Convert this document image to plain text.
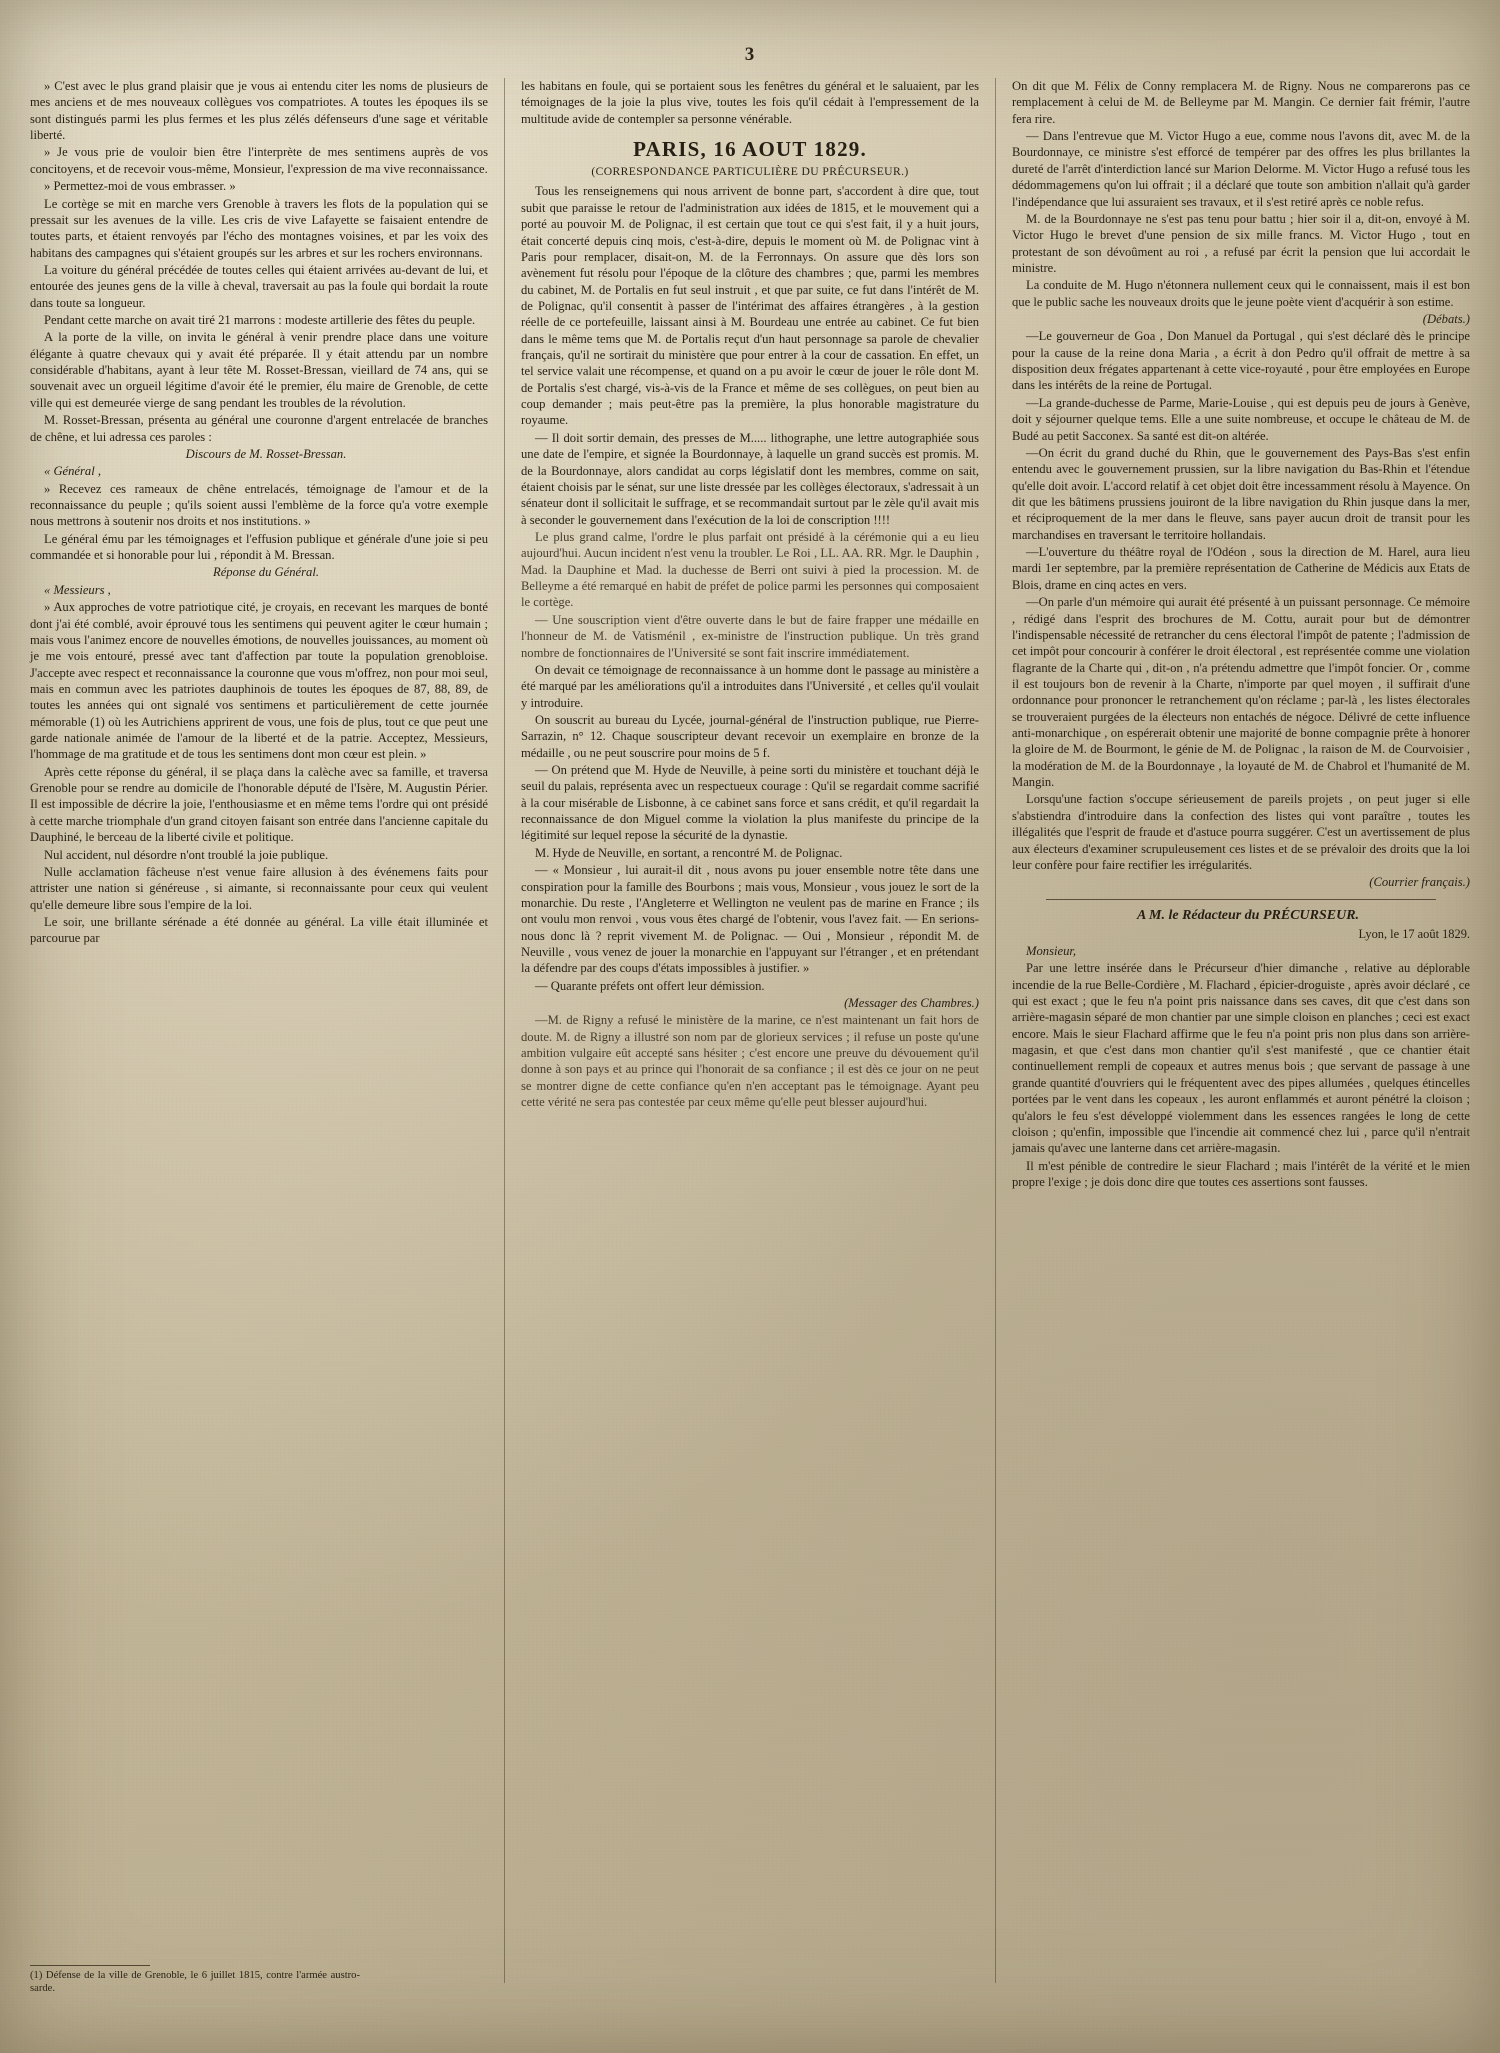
3

» C'est avec le plus grand plaisir que je vous ai entendu citer les noms de plusieurs de mes anciens et de mes nouveaux collègues vos compatriotes. A toutes les époques ils se sont distingués parmi les plus fermes et les plus zélés défenseurs d'une sage et véritable liberté.

» Je vous prie de vouloir bien être l'interprète de mes sentimens auprès de vos concitoyens, et de recevoir vous-même, Monsieur, l'expression de ma vive reconnaissance.

» Permettez-moi de vous embrasser. »

Le cortège se mit en marche vers Grenoble à travers les flots de la population qui se pressait sur les avenues de la ville. Les cris de vive Lafayette se faisaient entendre de toutes parts, et étaient renvoyés par l'écho des montagnes voisines, et par les voix des habitans des campagnes qui s'étaient groupés sur les arbres et sur les rochers environnans.

La voiture du général précédée de toutes celles qui étaient arrivées au-devant de lui, et entourée des jeunes gens de la ville à cheval, traversait au pas la foule qui bordait la route dans toute sa longueur.

Pendant cette marche on avait tiré 21 marrons : modeste artillerie des fêtes du peuple.

A la porte de la ville, on invita le général à venir prendre place dans une voiture élégante à quatre chevaux qui y avait été préparée. Il y était attendu par un nombre considérable d'habitans, ayant à leur tête M. Rosset-Bressan, vieillard de 74 ans, qui se souvenait avec un orgueil légitime d'avoir été le premier, élu maire de Grenoble, de cette ville qui est demeurée vierge de sang pendant les troubles de la révolution.

M. Rosset-Bressan, présenta au général une couronne d'argent entrelacée de branches de chêne, et lui adressa ces paroles :

Discours de M. Rosset-Bressan.

« Général ,

» Recevez ces rameaux de chêne entrelacés, témoignage de l'amour et de la reconnaissance du peuple ; qu'ils soient aussi l'emblème de la force qu'a votre exemple nous mettrons à soutenir nos droits et nos institutions. »

Le général ému par les témoignages et l'effusion publique et générale d'une joie si peu commandée et si honorable pour lui , répondit à M. Bressan.

Réponse du Général.

« Messieurs ,

» Aux approches de votre patriotique cité, je croyais, en recevant les marques de bonté dont j'ai été comblé, avoir éprouvé tous les sentimens qui peuvent agiter le cœur humain ; mais vous l'animez encore de nouvelles émotions, de nouvelles jouissances, au moment où je me vois entouré, pressé avec tant d'affection par toute la population grenobloise. J'accepte avec respect et reconnaissance la couronne que vous m'offrez, non pour moi seul, mais en commun avec les patriotes dauphinois de toutes les époques de 87, 88, 89, de toutes les années qui ont signalé vos sentimens et particulièrement de cette journée mémorable (1) où les Autrichiens apprirent de vous, une fois de plus, tout ce que peut une garde nationale animée de l'amour de la liberté et de la patrie. Acceptez, Messieurs, l'hommage de ma gratitude et de tous les sentimens dont mon cœur est plein. »

Après cette réponse du général, il se plaça dans la calèche avec sa famille, et traversa Grenoble pour se rendre au domicile de l'honorable député de l'Isère, M. Augustin Périer. Il est impossible de décrire la joie, l'enthousiasme et en même tems l'ordre qui ont présidé à cette marche triomphale d'un grand citoyen faisant son entrée dans l'ancienne capitale du Dauphiné, le berceau de la liberté civile et politique.

Nul accident, nul désordre n'ont troublé la joie publique.

Nulle acclamation fâcheuse n'est venue faire allusion à des événemens faits pour attrister une nation si généreuse , si aimante, si reconnaissante pour ceux qui veulent qu'elle demeure libre sous l'empire de la loi.

Le soir, une brillante sérénade a été donnée au général. La ville était illuminée et parcourue par

les habitans en foule, qui se portaient sous les fenêtres du général et le saluaient, par les témoignages de la joie la plus vive, toutes les fois qu'il cédait à l'empressement de la multitude avide de contempler sa personne vénérable.

PARIS, 16 AOUT 1829.
(CORRESPONDANCE PARTICULIÈRE DU PRÉCURSEUR.)

Tous les renseignemens qui nous arrivent de bonne part, s'accordent à dire que, tout subit que paraisse le retour de l'administration aux idées de 1815, et le mouvement qui a porté au pouvoir M. de Polignac, il est certain que tout ce qui s'est fait, il y a huit jours, était concerté depuis cinq mois, c'est-à-dire, depuis le moment où M. de Polignac vint à Paris pour remplacer, disait-on, M. de la Ferronnays. On assure que dès lors son avènement fut résolu pour l'époque de la clôture des chambres ; que, parmi les membres du cabinet, M. de Portalis en fut seul instruit , et que par suite, ce fut dans l'intérêt de M. de Polignac, qu'il consentit à passer de l'intérimat des affaires étrangères , à la gestion réelle de ce portefeuille, laissant ainsi à M. Bourdeau une entrée au cabinet. Ce fut bien dans le même tems que M. de Portalis reçut d'un haut personnage sa parole de chevalier français, qu'il ne sortirait du ministère que pour entrer à la cour de cassation. En effet, un tel service valait une récompense, et quand on a pu avoir le cœur de jouer le rôle dont M. de Portalis s'est chargé, vis-à-vis de la France et même de ses collègues, on peut bien au coup demander ; mais peut-être pas la première, la plus honorable magistrature du royaume.

— Il doit sortir demain, des presses de M..... lithographe, une lettre autographiée sous une date de l'empire, et signée la Bourdonnaye, à laquelle un grand succès est promis. M. de la Bourdonnaye, alors candidat au corps législatif dont les membres, comme on sait, étaient choisis par le sénat, sur une liste dressée par les collèges électoraux, s'adressait à un sénateur dont il sollicitait le suffrage, et se recommandait surtout par le zèle qu'il avait mis à seconder le gouvernement dans l'exécution de la loi de conscription !!!!

Le plus grand calme, l'ordre le plus parfait ont présidé à la cérémonie qui a eu lieu aujourd'hui. Aucun incident n'est venu la troubler. Le Roi , LL. AA. RR. Mgr. le Dauphin , Mad. la Dauphine et Mad. la duchesse de Berri ont suivi à pied la procession. M. de Belleyme a été remarqué en habit de préfet de police parmi les personnes qui composaient le cortège.

— Une souscription vient d'être ouverte dans le but de faire frapper une médaille en l'honneur de M. de Vatisménil , ex-ministre de l'instruction publique. Un très grand nombre de fonctionnaires de l'Université se sont fait inscrire immédiatement.

On devait ce témoignage de reconnaissance à un homme dont le passage au ministère a été marqué par les améliorations qu'il a introduites dans l'Université , et celles qu'il voulait y introduire.

On souscrit au bureau du Lycée, journal-général de l'instruction publique, rue Pierre-Sarrazin, n° 12. Chaque souscripteur devant recevoir un exemplaire en bronze de la médaille , ou ne peut souscrire pour moins de 5 f.

— On prétend que M. Hyde de Neuville, à peine sorti du ministère et touchant déjà le seuil du palais, représenta avec un respectueux courage : Qu'il se regardait comme sacrifié à la cour misérable de Lisbonne, à ce cabinet sans force et sans crédit, et qu'il regardait la reconnaissance de don Miguel comme la violation la plus manifeste du principe de la légitimité sur lequel repose la sécurité de la dynastie.

M. Hyde de Neuville, en sortant, a rencontré M. de Polignac.

— « Monsieur , lui aurait-il dit , nous avons pu jouer ensemble notre tête dans une conspiration pour la famille des Bourbons ; mais vous, Monsieur , vous jouez le sort de la monarchie. Du reste , l'Angleterre et Wellington ne veulent pas de marine en France ; ils ont voulu mon renvoi , vous vous êtes chargé de l'obtenir, vous l'avez fait. — En serions-nous donc là ? reprit vivement M. de Polignac. — Oui , Monsieur , répondit M. de Neuville , vous venez de jouer la monarchie en l'appuyant sur l'étranger , et en prétendant la défendre par des coups d'états impossibles à justifier. »

— Quarante préfets ont offert leur démission.

(Messager des Chambres.)

—M. de Rigny a refusé le ministère de la marine, ce n'est maintenant un fait hors de doute. M. de Rigny a illustré son nom par de glorieux services ; il refuse un poste qu'une ambition vulgaire eût accepté sans hésiter ; c'est encore une preuve du dévouement qu'il donne à son pays et au prince qui l'honorait de sa confiance ; il est dès ce jour on ne peut se montrer digne de cette confiance qu'en n'en acceptant pas le témoignage. Ayant peu cette vérité ne sera pas contestée par ceux même qu'elle peut blesser aujourd'hui.

On dit que M. Félix de Conny remplacera M. de Rigny. Nous ne comparerons pas ce remplacement à celui de M. de Belleyme par M. Mangin. Ce dernier fait frémir, l'autre fera rire.

— Dans l'entrevue que M. Victor Hugo a eue, comme nous l'avons dit, avec M. de la Bourdonnaye, ce ministre s'est efforcé de tempérer par des offres les plus brillantes la dureté de l'arrêt d'interdiction lancé sur Marion Delorme. M. Victor Hugo a refusé tous les dédommagemens qu'on lui offrait ; il a déclaré que toute son ambition n'allait qu'à garder l'indépendance que lui assuraient ses travaux, et il s'est retiré après ce noble refus.

M. de la Bourdonnaye ne s'est pas tenu pour battu ; hier soir il a, dit-on, envoyé à M. Victor Hugo le brevet d'une pension de six mille francs. M. Victor Hugo , tout en protestant de son dévoûment au roi , a refusé par écrit la pension que lui accordait le ministre.

La conduite de M. Hugo n'étonnera nullement ceux qui le connaissent, mais il est bon que le public sache les nouveaux droits que le jeune poète vient d'acquérir à son estime.

(Débats.)

—Le gouverneur de Goa , Don Manuel da Portugal , qui s'est déclaré dès le principe pour la cause de la reine dona Maria , a écrit à don Pedro qu'il offrait de mettre à sa disposition deux frégates appartenant à cette vice-royauté , pour être employées en Europe dans les intérêts de la reine de Portugal.

—La grande-duchesse de Parme, Marie-Louise , qui est depuis peu de jours à Genève, doit y séjourner quelque tems. Elle a une suite nombreuse, et occupe le château de M. de Budé au petit Sacconex. Sa santé est dit-on altérée.

—On écrit du grand duché du Rhin, que le gouvernement des Pays-Bas s'est enfin entendu avec le gouvernement prussien, sur la libre navigation du Bas-Rhin et l'étendue qu'elle doit avoir. L'accord relatif à cet objet doit être incessamment résolu à Mayence. On dit que les bâtimens prussiens jouiront de la libre navigation du Rhin jusque dans la mer, et réciproquement de la mer dans le fleuve, sans payer aucun droit de transit pour les marchandises en traversant le territoire hollandais.

—L'ouverture du théâtre royal de l'Odéon , sous la direction de M. Harel, aura lieu mardi 1er septembre, par la première représentation de Catherine de Médicis aux Etats de Blois, drame en cinq actes en vers.

—On parle d'un mémoire qui aurait été présenté à un puissant personnage. Ce mémoire , rédigé dans l'esprit des brochures de M. Cottu, aurait pour but de démontrer l'indispensable nécessité de retrancher du cens électoral l'impôt de patente ; l'admission de cet impôt pour concourir à conférer le droit électoral , est représentée comme une violation flagrante de la Charte qui , dit-on , n'a prétendu admettre que l'impôt foncier. Or , comme il est toujours bon de revenir à la Charte, n'importe par quel moyen , il suffirait d'une ordonnance pour prononcer le retranchement qu'on réclame ; par-là , les listes électorales se trouveraient purgées de la électeurs non entachés de négoce. Délivré de cette influence anti-monarchique , on espérerait obtenir une majorité de bonne compagnie prête à honorer la gloire de M. de Bourmont, le génie de M. de Polignac , la raison de M. de Courvoisier , la modération de M. de la Bourdonnaye , la loyauté de M. de Chabrol et l'humanité de M. Mangin.

Lorsqu'une faction s'occupe sérieusement de pareils projets , on peut juger si elle s'abstiendra d'introduire dans la confection des listes qui vont paraître , toutes les illégalités que l'esprit de fraude et d'astuce pourra suggérer. C'est un avertissement de plus aux électeurs d'examiner scrupuleusement ces listes et de se prévaloir des droits que la loi leur confère pour faire rectifier les irrégularités.

(Courrier français.)

A M. le Rédacteur du PRÉCURSEUR.

Lyon, le 17 août 1829.

Monsieur,

Par une lettre insérée dans le Précurseur d'hier dimanche , relative au déplorable incendie de la rue Belle-Cordière , M. Flachard , épicier-droguiste , après avoir déclaré , ce qui est exact ; que le feu n'a point pris naissance dans ses caves, dit que c'est dans son arrière-magasin séparé de mon chantier par une simple cloison en planches ; ceci est exact encore. Mais le sieur Flachard affirme que le feu n'a point pris non plus dans son arrière-magasin, et que c'est dans mon chantier qu'il s'est manifesté , que ce chantier était continuellement rempli de copeaux et autres menus bois ; que servant de passage à une grande quantité d'ouvriers qui le fréquentent avec des pipes allumées , quelques étincelles portées par le vent dans les copeaux , les auront enflammés et auront pénétré la cloison ; qu'alors le feu s'est développé violemment dans les essences rangées le long de cette cloison ; qu'enfin, impossible que l'incendie ait commencé chez lui , parce qu'il n'entrait jamais qu'avec une lanterne dans cet arrière-magasin.

Il m'est pénible de contredire le sieur Flachard ; mais l'intérêt de la vérité et le mien propre l'exige ; je dois donc dire que toutes ces assertions sont fausses.

(1) Défense de la ville de Grenoble, le 6 juillet 1815, contre l'armée austro-sarde.
